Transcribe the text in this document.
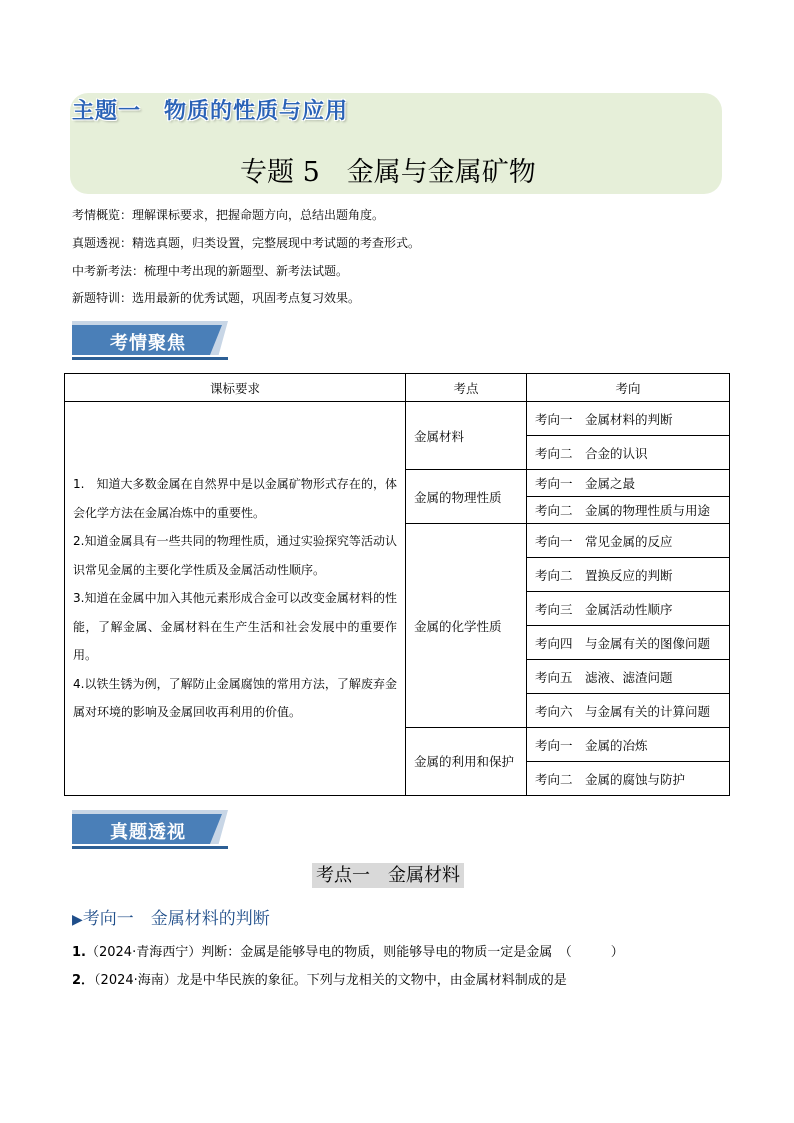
主题一　物质的性质与应用
专题 5　金属与金属矿物
考情概览：理解课标要求，把握命题方向，总结出题角度。
真题透视：精选真题，归类设置，完整展现中考试题的考查形式。
中考新考法：梳理中考出现的新题型、新考法试题。
新题特训：选用最新的优秀试题，巩固考点复习效果。
考情聚焦
课标要求	考点	考向

1.　知道大多数金属在自然界中是以金属矿物形式存在的，体会化学方法在金属冶炼中的重要性。
2.知道金属具有一些共同的物理性质，通过实验探究等活动认识常见金属的主要化学性质及金属活动性顺序。
3.知道在金属中加入其他元素形成合金可以改变金属材料的性能，了解金属、金属材料在生产生活和社会发展中的重要作用。
4.以铁生锈为例，了解防止金属腐蚀的常用方法，了解废弃金属对环境的影响及金属回收再利用的价值。	金属材料	考向一　金属材料的判断
		考向二　合金的认识
	金属的物理性质	考向一　金属之最
		考向二　金属的物理性质与用途
	金属的化学性质	考向一　常见金属的反应
		考向二　置换反应的判断
		考向三　金属活动性顺序
		考向四　与金属有关的图像问题
		考向五　滤液、滤渣问题
		考向六　与金属有关的计算问题
	金属的利用和保护	考向一　金属的冶炼
		考向二　金属的腐蚀与防护
真题透视
考点一　金属材料
▶考向一　金属材料的判断
1.（2024·青海西宁）判断：金属是能够导电的物质，则能够导电的物质一定是金属　（　　　）
2．（2024·海南）龙是中华民族的象征。下列与龙相关的文物中，由金属材料制成的是
